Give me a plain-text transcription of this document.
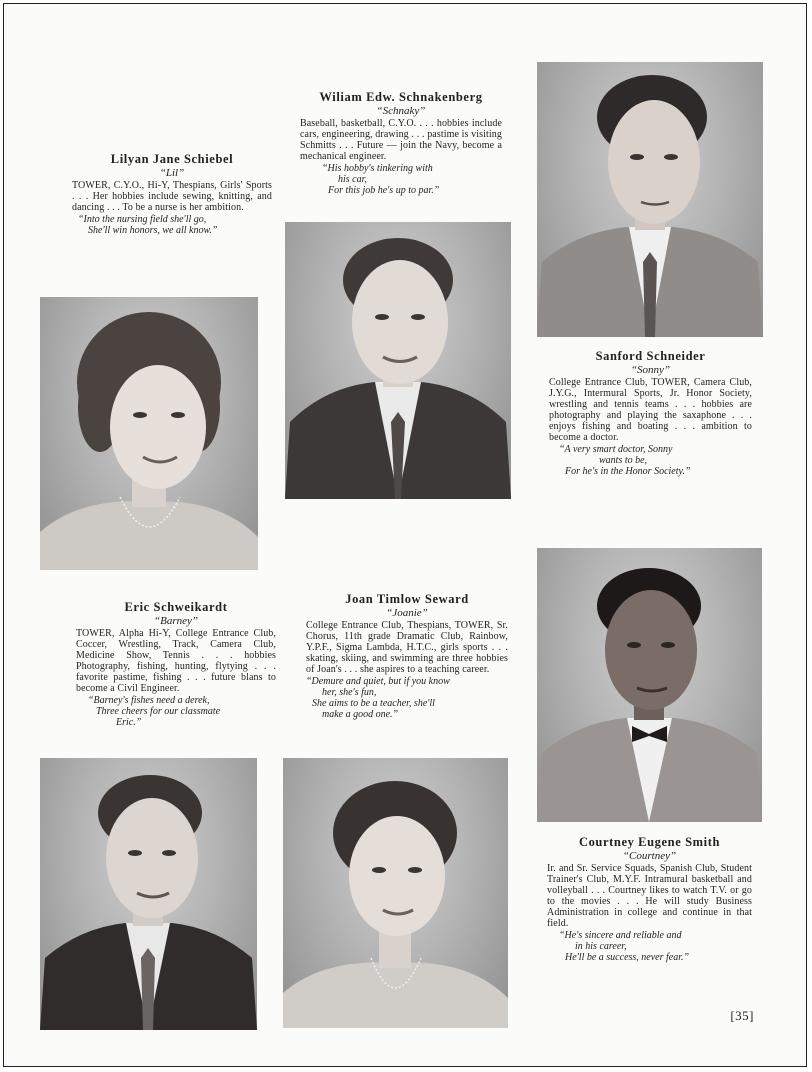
Lilyan Jane Schiebel
“Lil”
TOWER, C.Y.O., Hi-Y, Thespians, Girls' Sports . . . Her hobbies include sewing, knitting, and dancing . . . To be a nurse is her ambition.
“Into the nursing field she'll go,
She'll win honors, we all know.”
Wiliam Edw. Schnakenberg
“Schnaky”
Baseball, basketball, C.Y.O. . . . hobbies include cars, engineering, drawing . . . pastime is visiting Schmitts . . . Future — join the Navy, become a mechanical engineer.
“His hobby's tinkering with
his car,
For this job he's up to par.”
Sanford Schneider
“Sonny”
College Entrance Club, TOWER, Camera Club, J.Y.G., Intermural Sports, Jr. Honor Society, wrestling and tennis teams . . . hobbies are photography and playing the saxaphone . . . enjoys fishing and boating . . . ambition to become a doctor.
“A very smart doctor, Sonny
wants to be,
For he's in the Honor Society.”
Eric Schweikardt
“Barney”
TOWER, Alpha Hi-Y, College Entrance Club, Coccer, Wrestling, Track, Camera Club, Medicine Show, Tennis . . . hobbies Photography, fishing, hunting, flytying . . . favorite pastime, fishing . . . future blans to become a Civil Engineer.
“Barney's fishes need a derek,
Three cheers for our classmate
Eric.”
Joan Timlow Seward
“Joanie”
College Entrance Club, Thespians, TOWER, Sr. Chorus, 11th grade Dramatic Club, Rainbow, Y.P.F., Sigma Lambda, H.T.C., girls sports . . . skating, skiing, and swimming are three hobbies of Joan's . . . she aspires to a teaching career.
“Demure and quiet, but if you know
her, she's fun,
She aims to be a teacher, she'll
make a good one.”
Courtney Eugene Smith
“Courtney”
Ir. and Sr. Service Squads, Spanish Club, Student Trainer's Club, M.Y.F. Intramural basketball and volleyball . . . Courtney likes to watch T.V. or go to the movies . . . He will study Business Administration in college and continue in that field.
“He's sincere and reliable and
in his career,
He'll be a success, never fear.”
[35]
